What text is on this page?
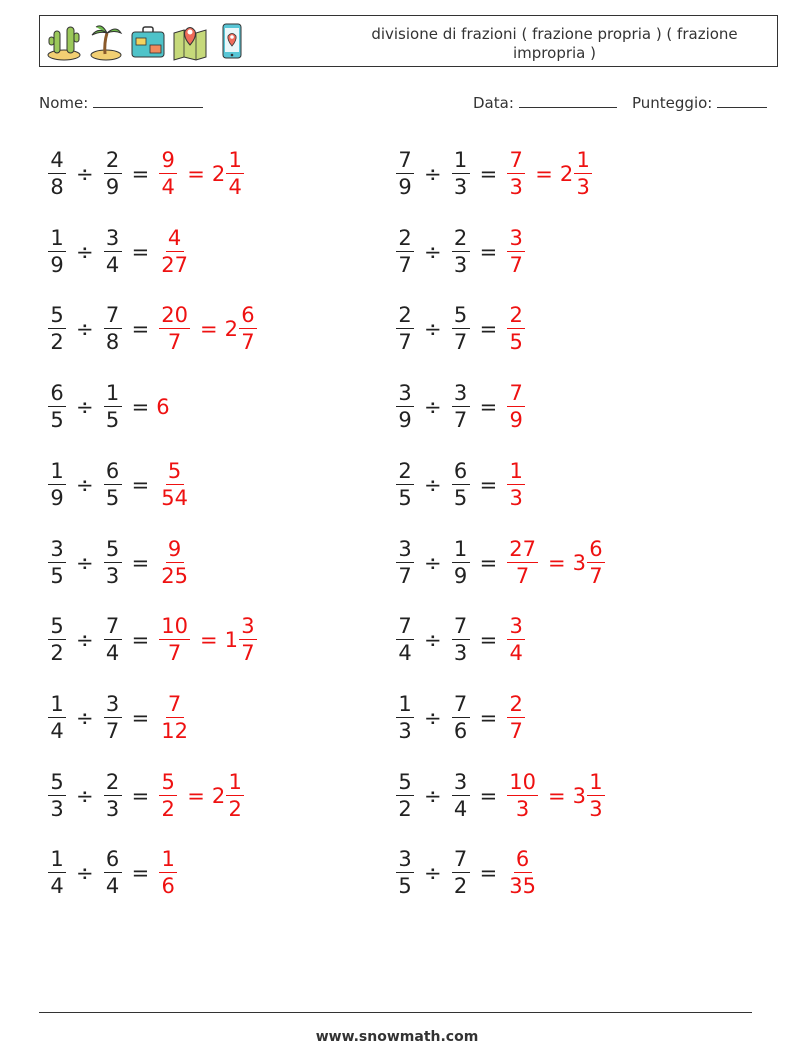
divisione di frazioni ( frazione propria ) ( frazione impropria )
Nome:	Data:	Punteggio:
$\frac{4}{8} \div \frac{2}{9} = \frac{9}{4} = 2 \frac{1}{4}$	$\frac{7}{9} \div \frac{1}{3} = \frac{7}{3} = 2 \frac{1}{3}$
$\frac{1}{9} \div \frac{3}{4} = \frac{4}{27}$	$\frac{2}{7} \div \frac{2}{3} = \frac{3}{7}$
$\frac{5}{2} \div \frac{7}{8} = \frac{20}{7} = 2 \frac{6}{7}$	$\frac{2}{7} \div \frac{5}{7} = \frac{2}{5}$
$\frac{6}{5} \div \frac{1}{5} = 6$	$\frac{3}{9} \div \frac{3}{7} = \frac{7}{9}$
$\frac{1}{9} \div \frac{6}{5} = \frac{5}{54}$	$\frac{2}{5} \div \frac{6}{5} = \frac{1}{3}$
$\frac{3}{5} \div \frac{5}{3} = \frac{9}{25}$	$\frac{3}{7} \div \frac{1}{9} = \frac{27}{7} = 3 \frac{6}{7}$
$\frac{5}{2} \div \frac{7}{4} = \frac{10}{7} = 1 \frac{3}{7}$	$\frac{7}{4} \div \frac{7}{3} = \frac{3}{4}$
$\frac{1}{4} \div \frac{3}{7} = \frac{7}{12}$	$\frac{1}{3} \div \frac{7}{6} = \frac{2}{7}$
$\frac{5}{3} \div \frac{2}{3} = \frac{5}{2} = 2 \frac{1}{2}$	$\frac{5}{2} \div \frac{3}{4} = \frac{10}{3} = 3 \frac{1}{3}$
$\frac{1}{4} \div \frac{6}{4} = \frac{1}{6}$	$\frac{3}{5} \div \frac{7}{2} = \frac{6}{35}$
www.snowmath.com
